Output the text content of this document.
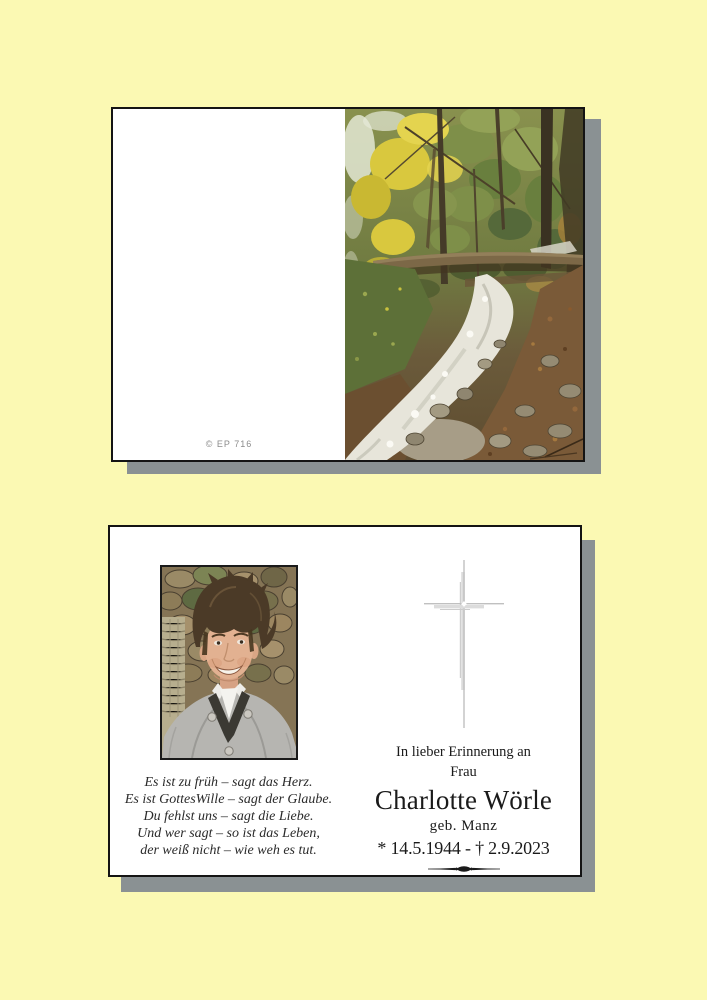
© EP 716
Es ist zu früh – sagt das Herz.
Es ist GottesWille – sagt der Glaube.
Du fehlst uns – sagt die Liebe.
Und wer sagt – so ist das Leben,
der weiß nicht – wie weh es tut.
In lieber Erinnerung an
Frau
Charlotte Wörle
geb. Manz
* 14.5.1944 - † 2.9.2023
